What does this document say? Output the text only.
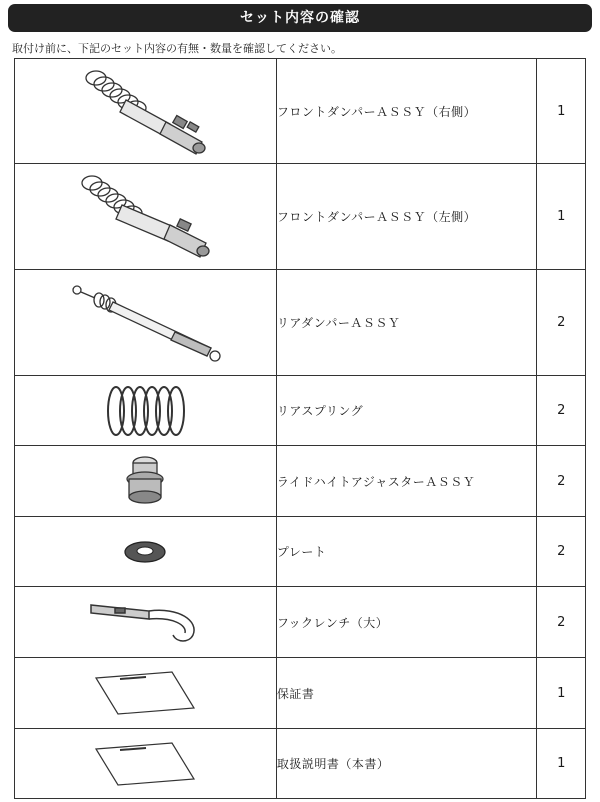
セット内容の確認
取付け前に、下記のセット内容の有無・数量を確認してください。
	フロントダンパーＡＳＳＹ（右側）	1

	フロントダンパーＡＳＳＹ（左側）	1

	リアダンパーＡＳＳＹ	2

	リアスプリング	2

	ライドハイトアジャスターＡＳＳＹ	2

	プレート	2

	フックレンチ（大）	2

	保証書	1

	取扱説明書（本書）	1
